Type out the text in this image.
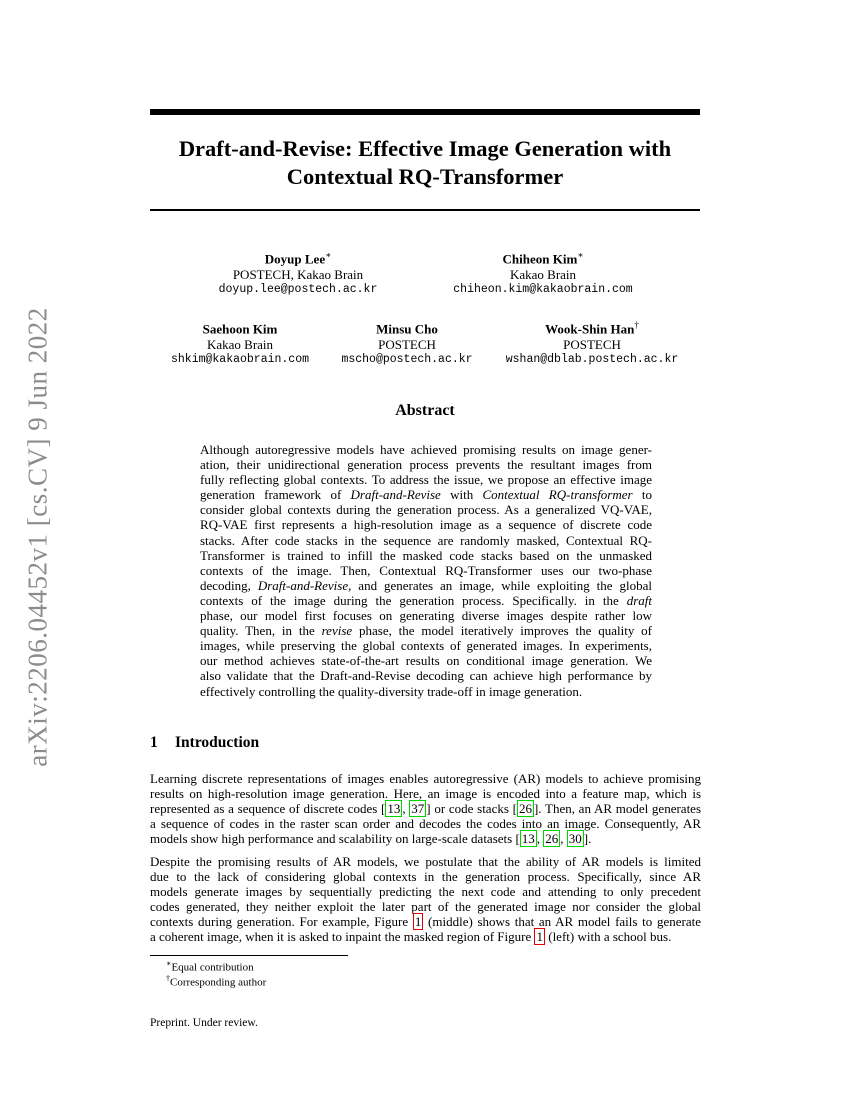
arXiv:2206.04452v1 [cs.CV] 9 Jun 2022
Draft-and-Revise: Effective Image Generation with
Contextual RQ-Transformer
Doyup Lee∗
POSTECH, Kakao Brain
doyup.lee@postech.ac.kr
Chiheon Kim∗
Kakao Brain
chiheon.kim@kakaobrain.com
Saehoon Kim
Kakao Brain
shkim@kakaobrain.com
Minsu Cho
POSTECH
mscho@postech.ac.kr
Wook-Shin Han†
POSTECH
wshan@dblab.postech.ac.kr
Abstract
Although autoregressive models have achieved promising results on image gener-
ation, their unidirectional generation process prevents the resultant images from
fully reflecting global contexts. To address the issue, we propose an effective image
generation framework of Draft-and-Revise with Contextual RQ-transformer to
consider global contexts during the generation process. As a generalized VQ-VAE,
RQ-VAE first represents a high-resolution image as a sequence of discrete code
stacks. After code stacks in the sequence are randomly masked, Contextual RQ-
Transformer is trained to infill the masked code stacks based on the unmasked
contexts of the image. Then, Contextual RQ-Transformer uses our two-phase
decoding, Draft-and-Revise, and generates an image, while exploiting the global
contexts of the image during the generation process. Specifically. in the draft
phase, our model first focuses on generating diverse images despite rather low
quality. Then, in the revise phase, the model iteratively improves the quality of
images, while preserving the global contexts of generated images. In experiments,
our method achieves state-of-the-art results on conditional image generation. We
also validate that the Draft-and-Revise decoding can achieve high performance by
effectively controlling the quality-diversity trade-off in image generation.
1 Introduction
Learning discrete representations of images enables autoregressive (AR) models to achieve promising
results on high-resolution image generation. Here, an image is encoded into a feature map, which is
represented as a sequence of discrete codes [ 13 , 37 ] or code stacks [ 26 ]. Then, an AR model generates
a sequence of codes in the raster scan order and decodes the codes into an image. Consequently, AR
models show high performance and scalability on large-scale datasets [ 13 , 26 , 30 ].
Despite the promising results of AR models, we postulate that the ability of AR models is limited
due to the lack of considering global contexts in the generation process. Specifically, since AR
models generate images by sequentially predicting the next code and attending to only precedent
codes generated, they neither exploit the later part of the generated image nor consider the global
contexts during generation. For example, Figure 1 (middle) shows that an AR model fails to generate
a coherent image, when it is asked to inpaint the masked region of Figure 1 (left) with a school bus.
∗Equal contribution
†Corresponding author
Preprint. Under review.
